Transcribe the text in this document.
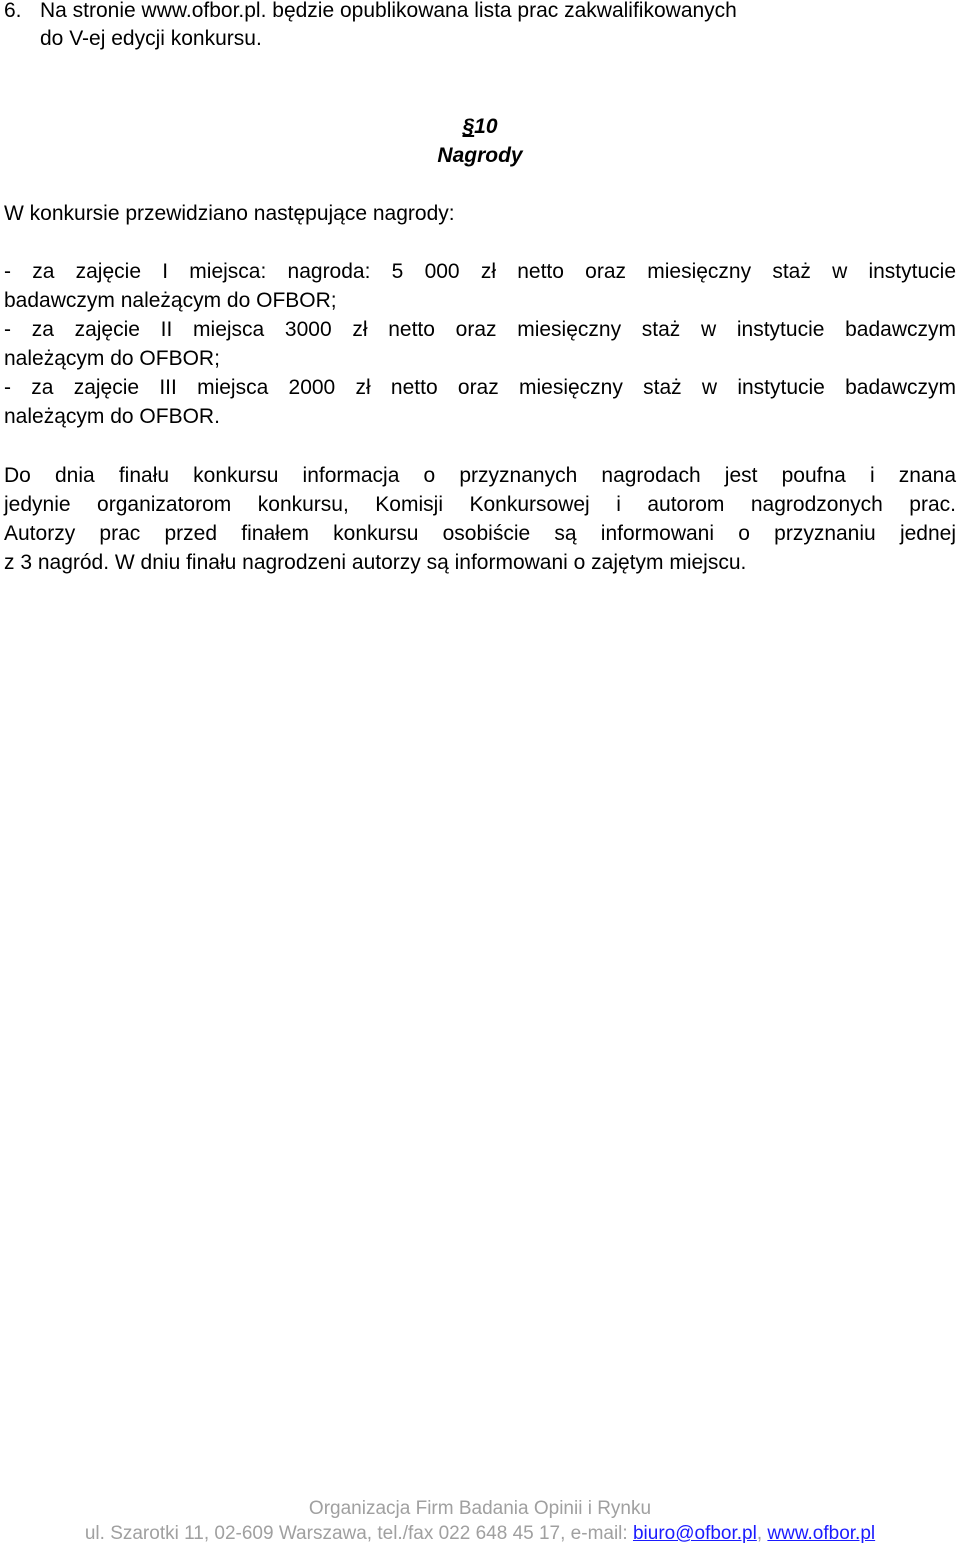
6. Na stronie www.ofbor.pl. będzie opublikowana lista prac zakwalifikowanych
do V-ej edycji konkursu.
§10
Nagrody
W konkursie przewidziano następujące nagrody:
- za zajęcie I miejsca: nagroda: 5 000 zł netto oraz miesięczny staż w instytucie
badawczym należącym do OFBOR;
- za zajęcie II miejsca 3000 zł netto oraz miesięczny staż w instytucie badawczym
należącym do OFBOR;
- za zajęcie III miejsca 2000 zł netto oraz miesięczny staż w instytucie badawczym
należącym do OFBOR.
Do dnia finału konkursu informacja o przyznanych nagrodach jest poufna i znana
jedynie organizatorom konkursu, Komisji Konkursowej i autorom nagrodzonych prac.
Autorzy prac przed finałem konkursu osobiście są informowani o przyznaniu jednej
z 3 nagród. W dniu finału nagrodzeni autorzy są informowani o zajętym miejscu.
Organizacja Firm Badania Opinii i Rynku
ul. Szarotki 11, 02-609 Warszawa, tel./fax 022 648 45 17, e-mail: biuro@ofbor.pl, www.ofbor.pl
